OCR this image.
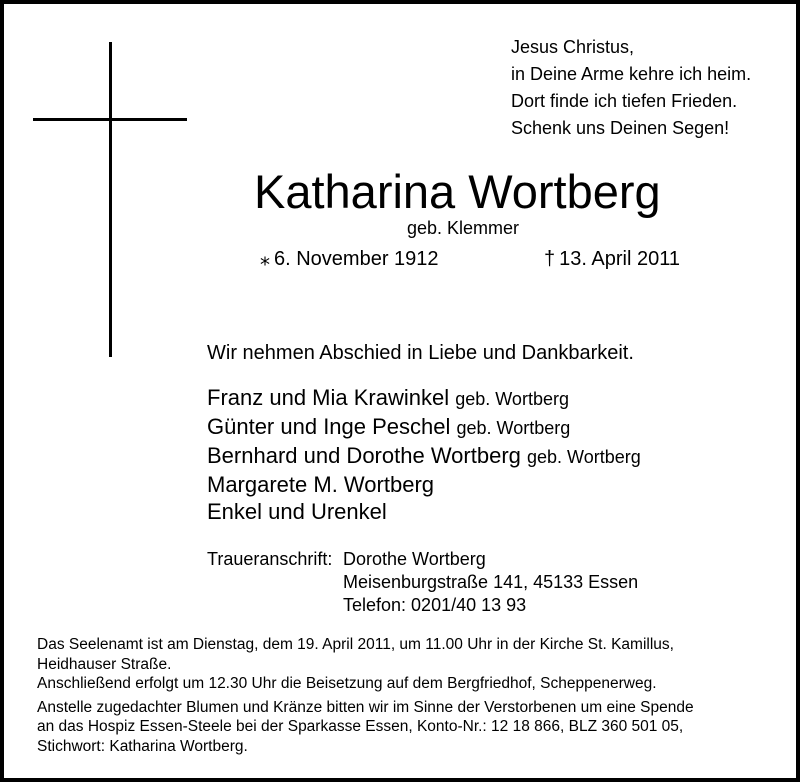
Jesus Christus,
in Deine Arme kehre ich heim.
Dort finde ich tiefen Frieden.
Schenk uns Deinen Segen!
Katharina Wortberg
geb. Klemmer
⁎ 6. November 1912	† 13. April 2011
Wir nehmen Abschied in Liebe und Dankbarkeit.
Franz und Mia Krawinkel geb. Wortberg
Günter und Inge Peschel geb. Wortberg
Bernhard und Dorothe Wortberg geb. Wortberg
Margarete M. Wortberg
Enkel und Urenkel
Traueranschrift: Dorothe Wortberg
Meisenburgstraße 141, 45133 Essen
Telefon: 0201/40 13 93
Das Seelenamt ist am Dienstag, dem 19. April 2011, um 11.00 Uhr in der Kirche St. Kamillus,
Heidhauser Straße.
Anschließend erfolgt um 12.30 Uhr die Beisetzung auf dem Bergfriedhof, Scheppenerweg.
Anstelle zugedachter Blumen und Kränze bitten wir im Sinne der Verstorbenen um eine Spende
an das Hospiz Essen-Steele bei der Sparkasse Essen, Konto-Nr.: 12 18 866, BLZ 360 501 05,
Stichwort: Katharina Wortberg.
